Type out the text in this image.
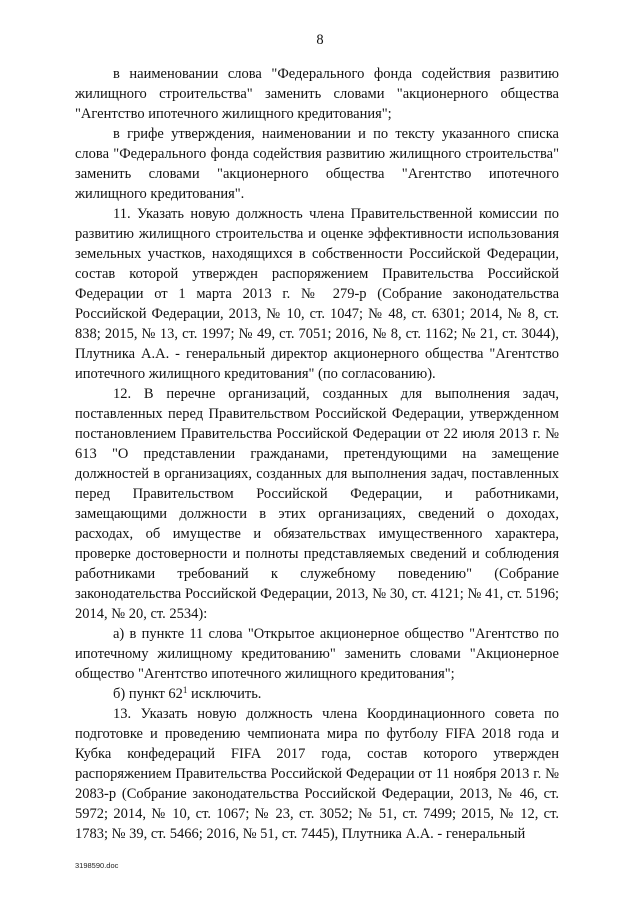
8

в наименовании слова "Федерального фонда содействия развитию жилищного строительства" заменить словами "акционерного общества "Агентство ипотечного жилищного кредитования";

в грифе утверждения, наименовании и по тексту указанного списка слова "Федерального фонда содействия развитию жилищного строительства" заменить словами "акционерного общества "Агентство ипотечного жилищного кредитования".

11. Указать новую должность члена Правительственной комиссии по развитию жилищного строительства и оценке эффективности использования земельных участков, находящихся в собственности Российской Федерации, состав которой утвержден распоряжением Правительства Российской Федерации от 1 марта 2013 г. № 279-р (Собрание законодательства Российской Федерации, 2013, № 10, ст. 1047; № 48, ст. 6301; 2014, № 8, ст. 838; 2015, № 13, ст. 1997; № 49, ст. 7051; 2016, № 8, ст. 1162; № 21, ст. 3044), Плутника А.А. - генеральный директор акционерного общества "Агентство ипотечного жилищного кредитования" (по согласованию).

12. В перечне организаций, созданных для выполнения задач, поставленных перед Правительством Российской Федерации, утвержденном постановлением Правительства Российской Федерации от 22 июля 2013 г. № 613 "О представлении гражданами, претендующими на замещение должностей в организациях, созданных для выполнения задач, поставленных перед Правительством Российской Федерации, и работниками, замещающими должности в этих организациях, сведений о доходах, расходах, об имуществе и обязательствах имущественного характера, проверке достоверности и полноты представляемых сведений и соблюдения работниками требований к служебному поведению" (Собрание законодательства Российской Федерации, 2013, № 30, ст. 4121; № 41, ст. 5196; 2014, № 20, ст. 2534):

а) в пункте 11 слова "Открытое акционерное общество "Агентство по ипотечному жилищному кредитованию" заменить словами "Акционерное общество "Агентство ипотечного жилищного кредитования";

б) пункт $62^1$ исключить.

13. Указать новую должность члена Координационного совета по подготовке и проведению чемпионата мира по футболу FIFA 2018 года и Кубка конфедераций FIFA 2017 года, состав которого утвержден распоряжением Правительства Российской Федерации от 11 ноября 2013 г. № 2083-р (Собрание законодательства Российской Федерации, 2013, № 46, ст. 5972; 2014, № 10, ст. 1067; № 23, ст. 3052; № 51, ст. 7499; 2015, № 12, ст. 1783; № 39, ст. 5466; 2016, № 51, ст. 7445), Плутника А.А. - генеральный

3198590.doc
